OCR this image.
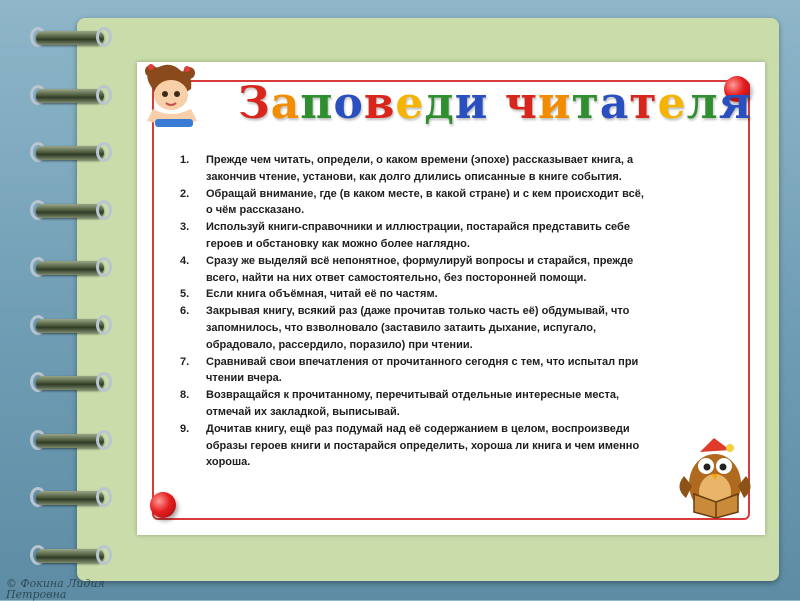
Заповеди читателя
1.	Прежде чем читать, определи, о каком времени (эпохе) рассказывает книга, а
закончив чтение, установи, как долго длились описанные в книге события.
2.	Обращай внимание, где (в каком месте, в какой стране) и с кем происходит всё,
о чём рассказано.
3.	Используй книги-справочники и иллюстрации, постарайся представить себе
героев и обстановку как можно более наглядно.
4.	Сразу же выделяй всё непонятное, формулируй вопросы и старайся, прежде
всего, найти на них ответ самостоятельно, без посторонней помощи.
5.	Если книга объёмная, читай её по частям.
6.	Закрывая книгу, всякий раз (даже прочитав только часть её) обдумывай, что
запомнилось, что взволновало (заставило затаить дыхание, испугало,
обрадовало, рассердило, поразило) при чтении.
7.	Сравнивай свои впечатления от прочитанного сегодня с тем, что испытал при
чтении вчера.
8.	Возвращайся к прочитанному, перечитывай отдельные интересные места,
отмечай их закладкой, выписывай.
9.	Дочитав книгу, ещё раз подумай над её содержанием в целом, воспроизведи
образы героев книги и постарайся определить, хороша ли книга и чем именно
хороша.
© Фокина Лидия
Петровна
